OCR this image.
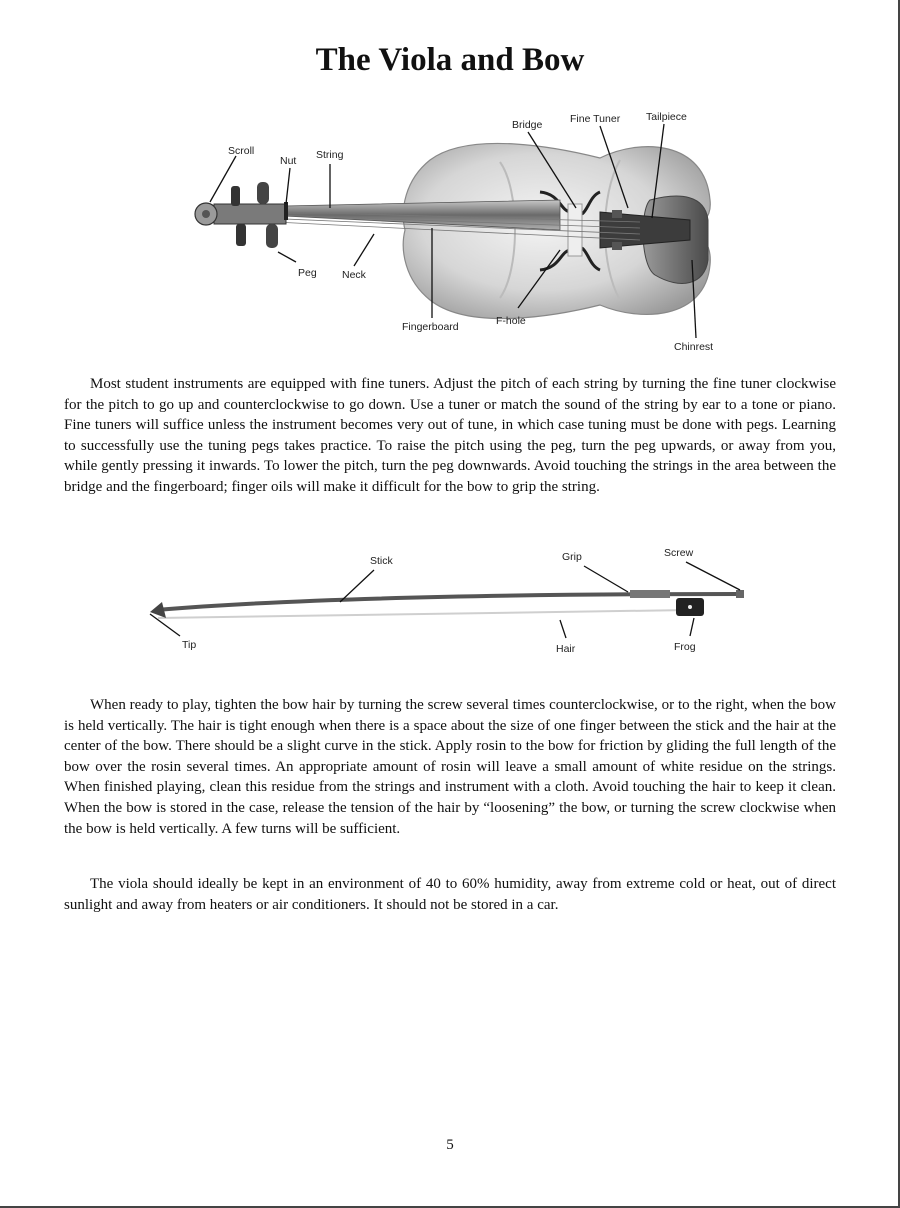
The Viola and Bow
Scroll
Nut String
Peg Neck
Fingerboard
Bridge	Fine Tuner Tailpiece
F-hole
Chinrest

Most student instruments are equipped with fine tuners. Adjust the pitch of each string by turning the fine tuner clockwise for the pitch to go up and counterclockwise to go down. Use a tuner or match the sound of the string by ear to a tone or piano. Fine tuners will suffice unless the instrument becomes very out of tune, in which case tuning must be done with pegs. Learning to successfully use the tuning pegs takes practice. To raise the pitch using the peg, turn the peg upwards, or away from you, while gently pressing it inwards. To lower the pitch, turn the peg downwards. Avoid touching the strings in the area between the bridge and the fingerboard; finger oils will make it difficult for the bow to grip the string.

Stick	Grip	Screw
Tip	Hair	Frog

When ready to play, tighten the bow hair by turning the screw several times counterclockwise, or to the right, when the bow is held vertically. The hair is tight enough when there is a space about the size of one finger between the stick and the hair at the center of the bow. There should be a slight curve in the stick. Apply rosin to the bow for friction by gliding the full length of the bow over the rosin several times. An appropriate amount of rosin will leave a small amount of white residue on the strings. When finished playing, clean this residue from the strings and instrument with a cloth. Avoid touching the hair to keep it clean. When the bow is stored in the case, release the tension of the hair by “loosening” the bow, or turning the screw clockwise when the bow is held vertically. A few turns will be sufficient.

The viola should ideally be kept in an environment of 40 to 60% humidity, away from extreme cold or heat, out of direct sunlight and away from heaters or air conditioners. It should not be stored in a car.

5
